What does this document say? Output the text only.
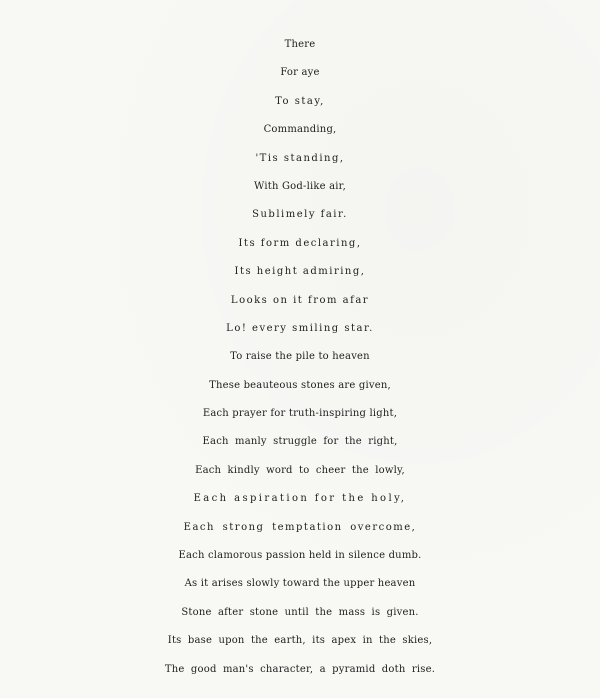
There
For aye
To stay,
Commanding,
'Tis standing,
With God-like air,
Sublimely fair.
Its form declaring,
Its height admiring,
Looks on it from afar
Lo! every smiling star.
To raise the pile to heaven
These beauteous stones are given,
Each prayer for truth-inspiring light,
Each manly struggle for the right,
Each kindly word to cheer the lowly,
Each aspiration for the holy,
Each strong temptation overcome,
Each clamorous passion held in silence dumb.
As it arises slowly toward the upper heaven
Stone after stone until the mass is given.
Its base upon the earth, its apex in the skies,
The good man's character, a pyramid doth rise.
